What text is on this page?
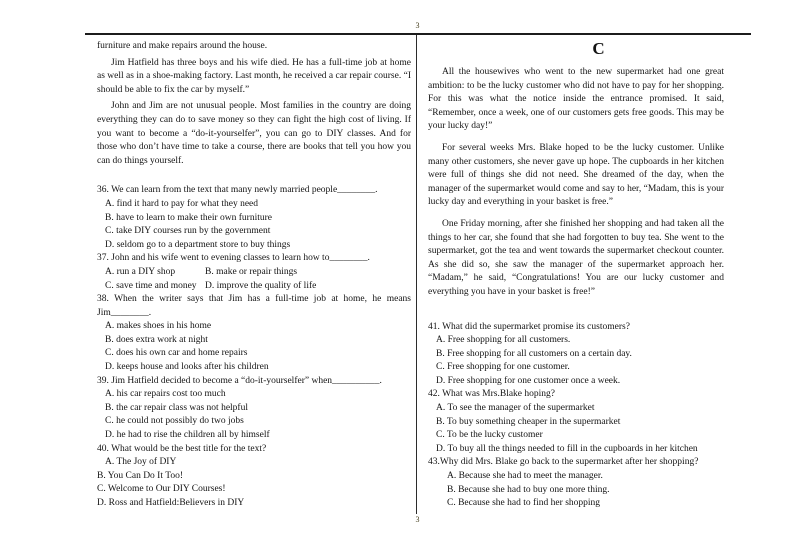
3
3
furniture and make repairs around the house.
Jim Hatfield has three boys and his wife died. He has a full-time job at home as well as in a shoe-making factory. Last month, he received a car repair course. “I should be able to fix the car by myself.”
John and Jim are not unusual people. Most families in the country are doing everything they can do to save money so they can fight the high cost of living. If you want to become a “do-it-yourselfer”, you can go to DIY classes. And for those who don’t have time to take a course, there are books that tell you how you can do things yourself.
36. We can learn from the text that many newly married people________.
A. find it hard to pay for what they need
B. have to learn to make their own furniture
C. take DIY courses run by the government
D. seldom go to a department store to buy things
37. John and his wife went to evening classes to learn how to________.
A. run a DIY shop	B. make or repair things
C. save time and money D. improve the quality of life
38. When the writer says that Jim has a full-time job at home, he means Jim________.
A. makes shoes in his home
B. does extra work at night
C. does his own car and home repairs
D. keeps house and looks after his children
39. Jim Hatfield decided to become a “do-it-yourselfer” when__________.
A. his car repairs cost too much
B. the car repair class was not helpful
C. he could not possibly do two jobs
D. he had to rise the children all by himself
40. What would be the best title for the text?
A. The Joy of DIY
B. You Can Do It Too!
C. Welcome to Our DIY Courses!
D. Ross and Hatfield:Believers in DIY
C
All the housewives who went to the new supermarket had one great ambition: to be the lucky customer who did not have to pay for her shopping. For this was what the notice inside the entrance promised. It said, “Remember, once a week, one of our customers gets free goods. This may be your lucky day!”
For several weeks Mrs. Blake hoped to be the lucky customer. Unlike many other customers, she never gave up hope. The cupboards in her kitchen were full of things she did not need. She dreamed of the day, when the manager of the supermarket would come and say to her, “Madam, this is your lucky day and everything in your basket is free.”
One Friday morning, after she finished her shopping and had taken all the things to her car, she found that she had forgotten to buy tea. She went to the supermarket, got the tea and went towards the supermarket checkout counter. As she did so, she saw the manager of the supermarket approach her. “Madam,” he said, “Congratulations! You are our lucky customer and everything you have in your basket is free!”
41. What did the supermarket promise its customers?
A. Free shopping for all customers.
B. Free shopping for all customers on a certain day.
C. Free shopping for one customer.
D. Free shopping for one customer once a week.
42. What was Mrs.Blake hoping?
A. To see the manager of the supermarket
B. To buy something cheaper in the supermarket
C. To be the lucky customer
D. To buy all the things needed to fill in the cupboards in her kitchen
43.Why did Mrs. Blake go back to the supermarket after her shopping?
A. Because she had to meet the manager.
B. Because she had to buy one more thing.
C. Because she had to find her shopping
